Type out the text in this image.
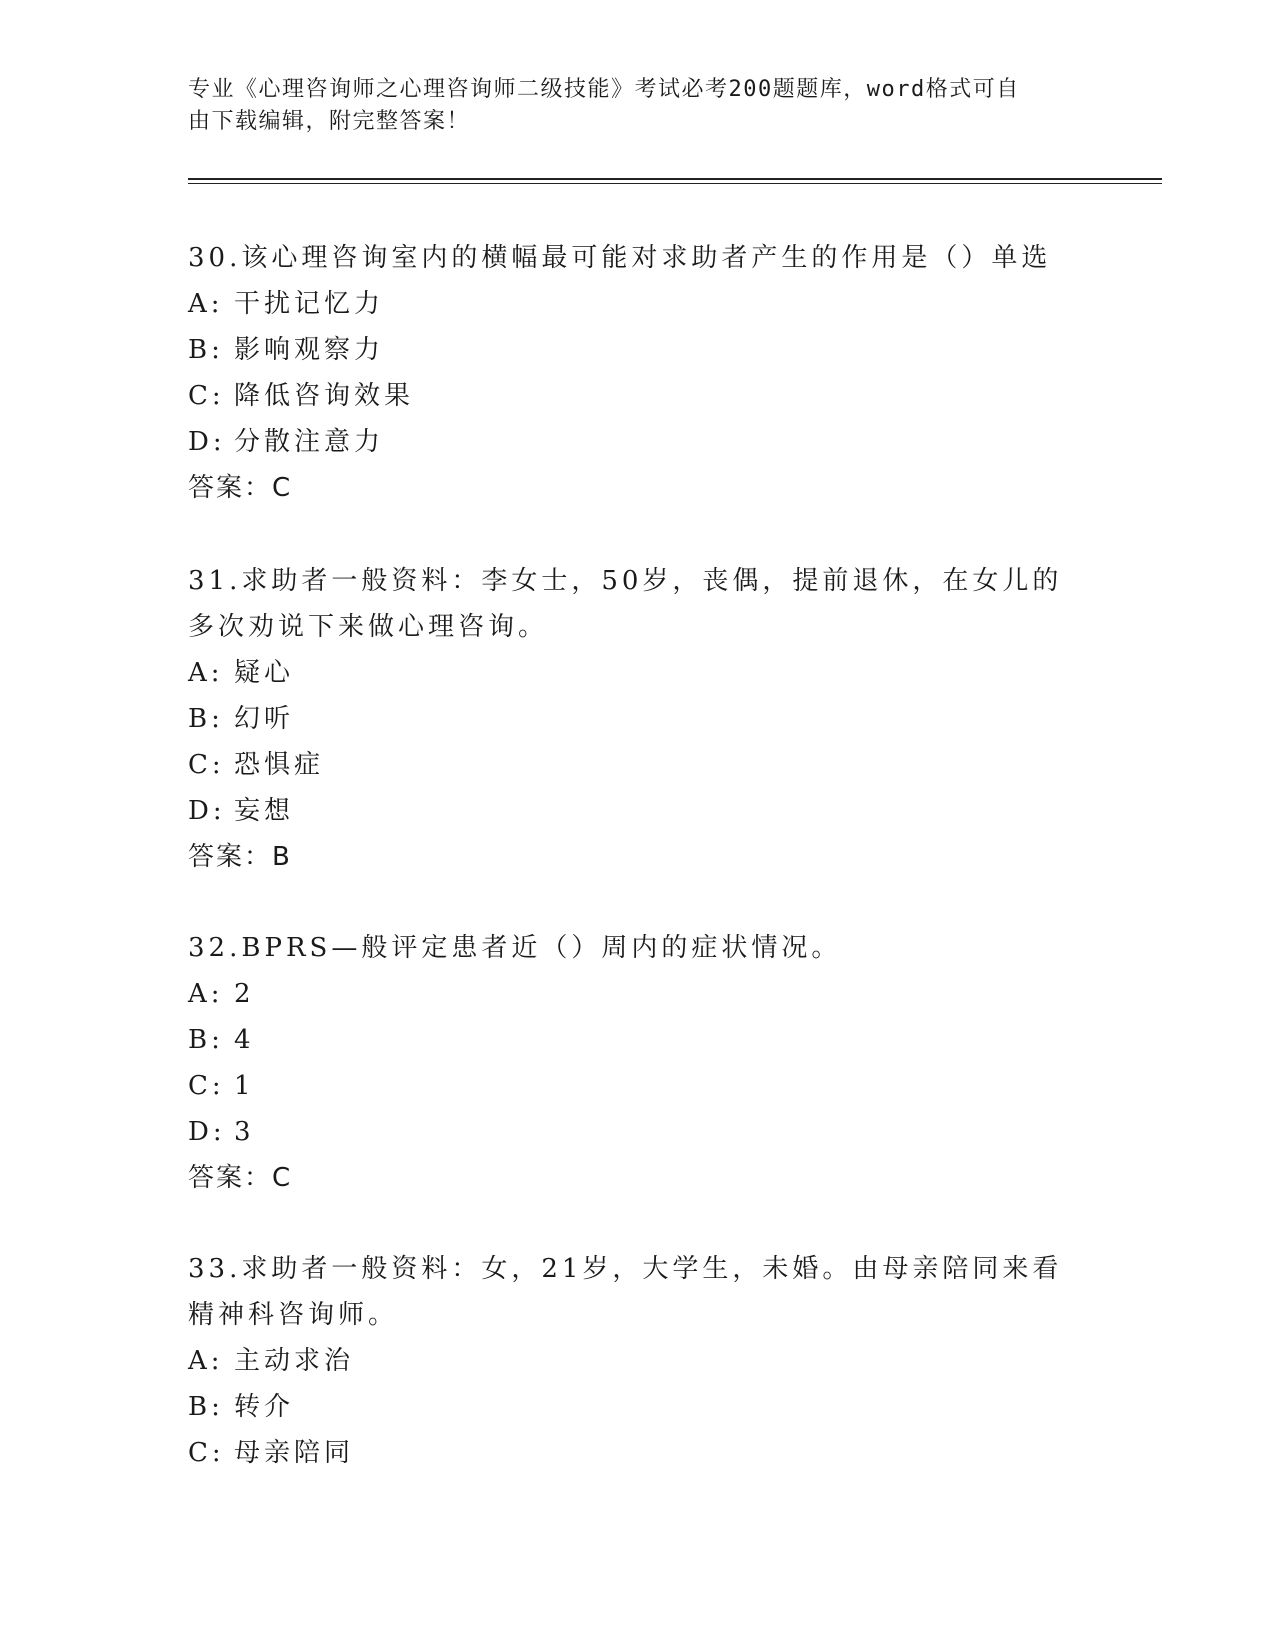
专业《心理咨询师之心理咨询师二级技能》考试必考200题题库，word格式可自
由下载编辑，附完整答案！
30.该心理咨询室内的横幅最可能对求助者产生的作用是（）单选
A: 干扰记忆力
B: 影响观察力
C: 降低咨询效果
D: 分散注意力
答案：C
31.求助者一般资料：李女士，50岁，丧偶，提前退休，在女儿的多次劝说下来做心理咨询。
A: 疑心
B: 幻听
C: 恐惧症
D: 妄想
答案：B
32.BPRS—般评定患者近（）周内的症状情况。
A: 2
B: 4
C: 1
D: 3
答案：C
33.求助者一般资料：女，21岁，大学生，未婚。由母亲陪同来看精神科咨询师。
A: 主动求治
B: 转介
C: 母亲陪同
